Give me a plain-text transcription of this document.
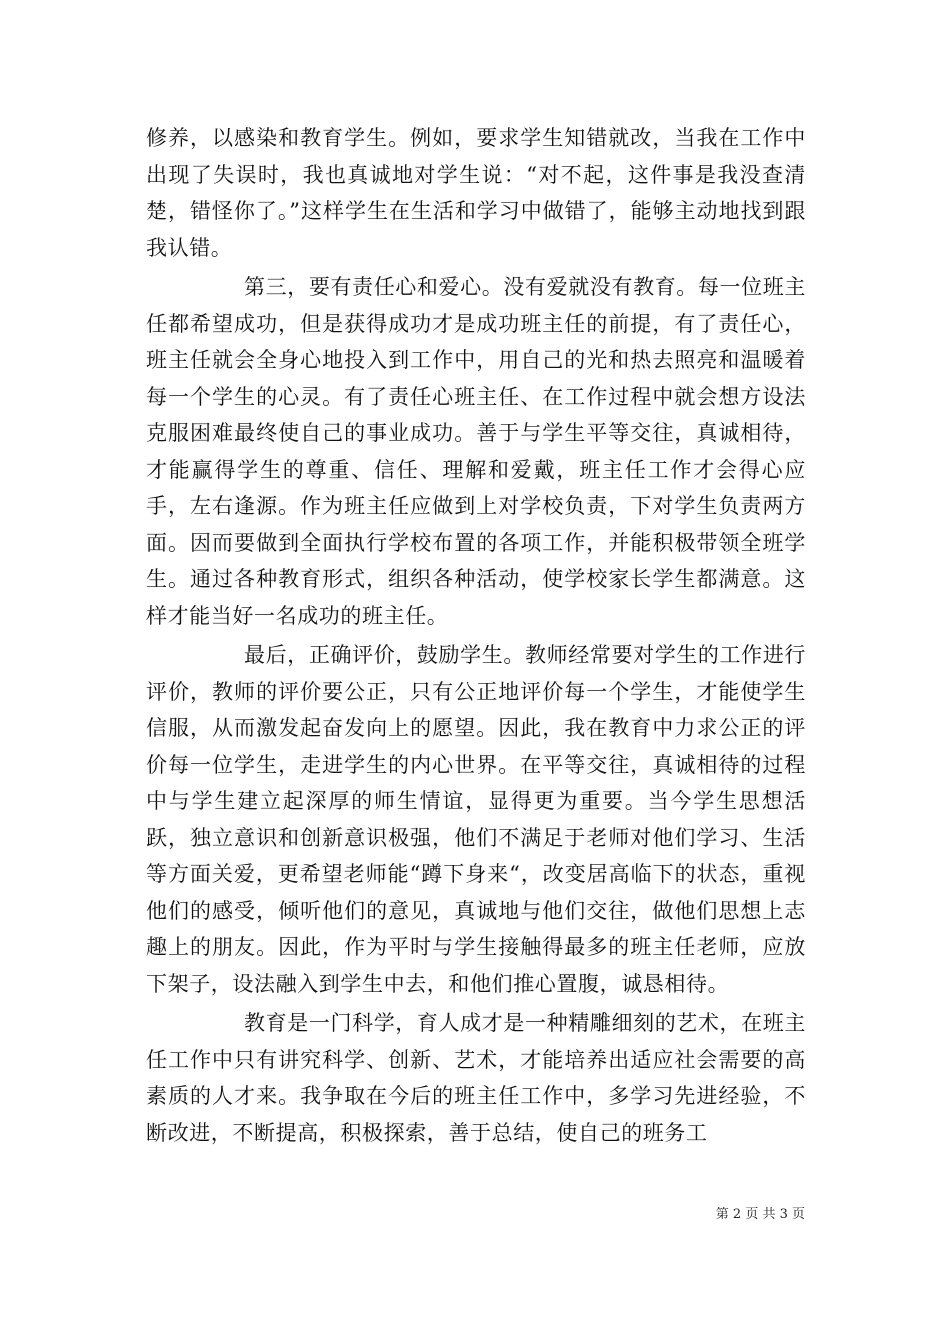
修养，以感染和教育学生。例如，要求学生知错就改，当我在工作中出现了失误时，我也真诚地对学生说：“对不起，这件事是我没查清楚，错怪你了。”这样学生在生活和学习中做错了，能够主动地找到跟我认错。

第三，要有责任心和爱心。没有爱就没有教育。每一位班主任都希望成功，但是获得成功才是成功班主任的前提，有了责任心，班主任就会全身心地投入到工作中，用自己的光和热去照亮和温暖着每一个学生的心灵。有了责任心班主任、在工作过程中就会想方设法克服困难最终使自己的事业成功。善于与学生平等交往，真诚相待，才能赢得学生的尊重、信任、理解和爱戴，班主任工作才会得心应手，左右逢源。作为班主任应做到上对学校负责，下对学生负责两方面。因而要做到全面执行学校布置的各项工作，并能积极带领全班学生。通过各种教育形式，组织各种活动，使学校家长学生都满意。这样才能当好一名成功的班主任。

最后，正确评价，鼓励学生。教师经常要对学生的工作进行评价，教师的评价要公正，只有公正地评价每一个学生，才能使学生信服，从而激发起奋发向上的愿望。因此，我在教育中力求公正的评价每一位学生，走进学生的内心世界。在平等交往，真诚相待的过程中与学生建立起深厚的师生情谊，显得更为重要。当今学生思想活跃，独立意识和创新意识极强，他们不满足于老师对他们学习、生活等方面关爱，更希望老师能“蹲下身来“，改变居高临下的状态，重视他们的感受，倾听他们的意见，真诚地与他们交往，做他们思想上志趣上的朋友。因此，作为平时与学生接触得最多的班主任老师，应放下架子，设法融入到学生中去，和他们推心置腹，诚恳相待。

教育是一门科学，育人成才是一种精雕细刻的艺术，在班主任工作中只有讲究科学、创新、艺术，才能培养出适应社会需要的高素质的人才来。我争取在今后的班主任工作中，多学习先进经验，不断改进，不断提高，积极探索，善于总结，使自己的班务工

第 2 页 共 3 页
